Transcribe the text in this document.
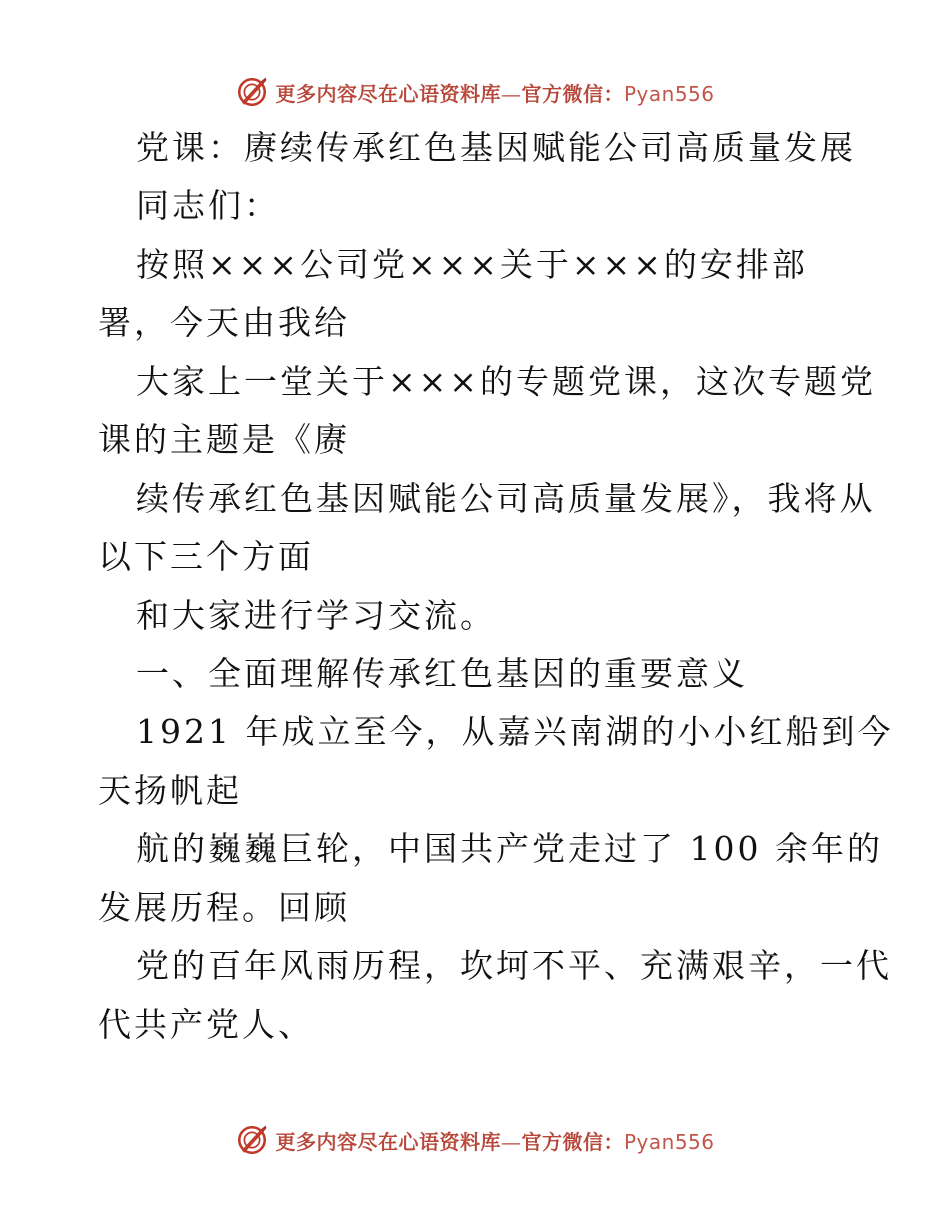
更多内容尽在心语资料库—官方微信：Pyan556
党课：赓续传承红色基因赋能公司高质量发展
同志们：
按照×××公司党×××关于×××的安排部
署，今天由我给
大家上一堂关于×××的专题党课，这次专题党
课的主题是《赓
续传承红色基因赋能公司高质量发展》，我将从
以下三个方面
和大家进行学习交流。
一、全面理解传承红色基因的重要意义
1921 年成立至今，从嘉兴南湖的小小红船到今
天扬帆起
航的巍巍巨轮，中国共产党走过了 100 余年的
发展历程。回顾
党的百年风雨历程，坎坷不平、充满艰辛，一代
代共产党人、
更多内容尽在心语资料库—官方微信：Pyan556
